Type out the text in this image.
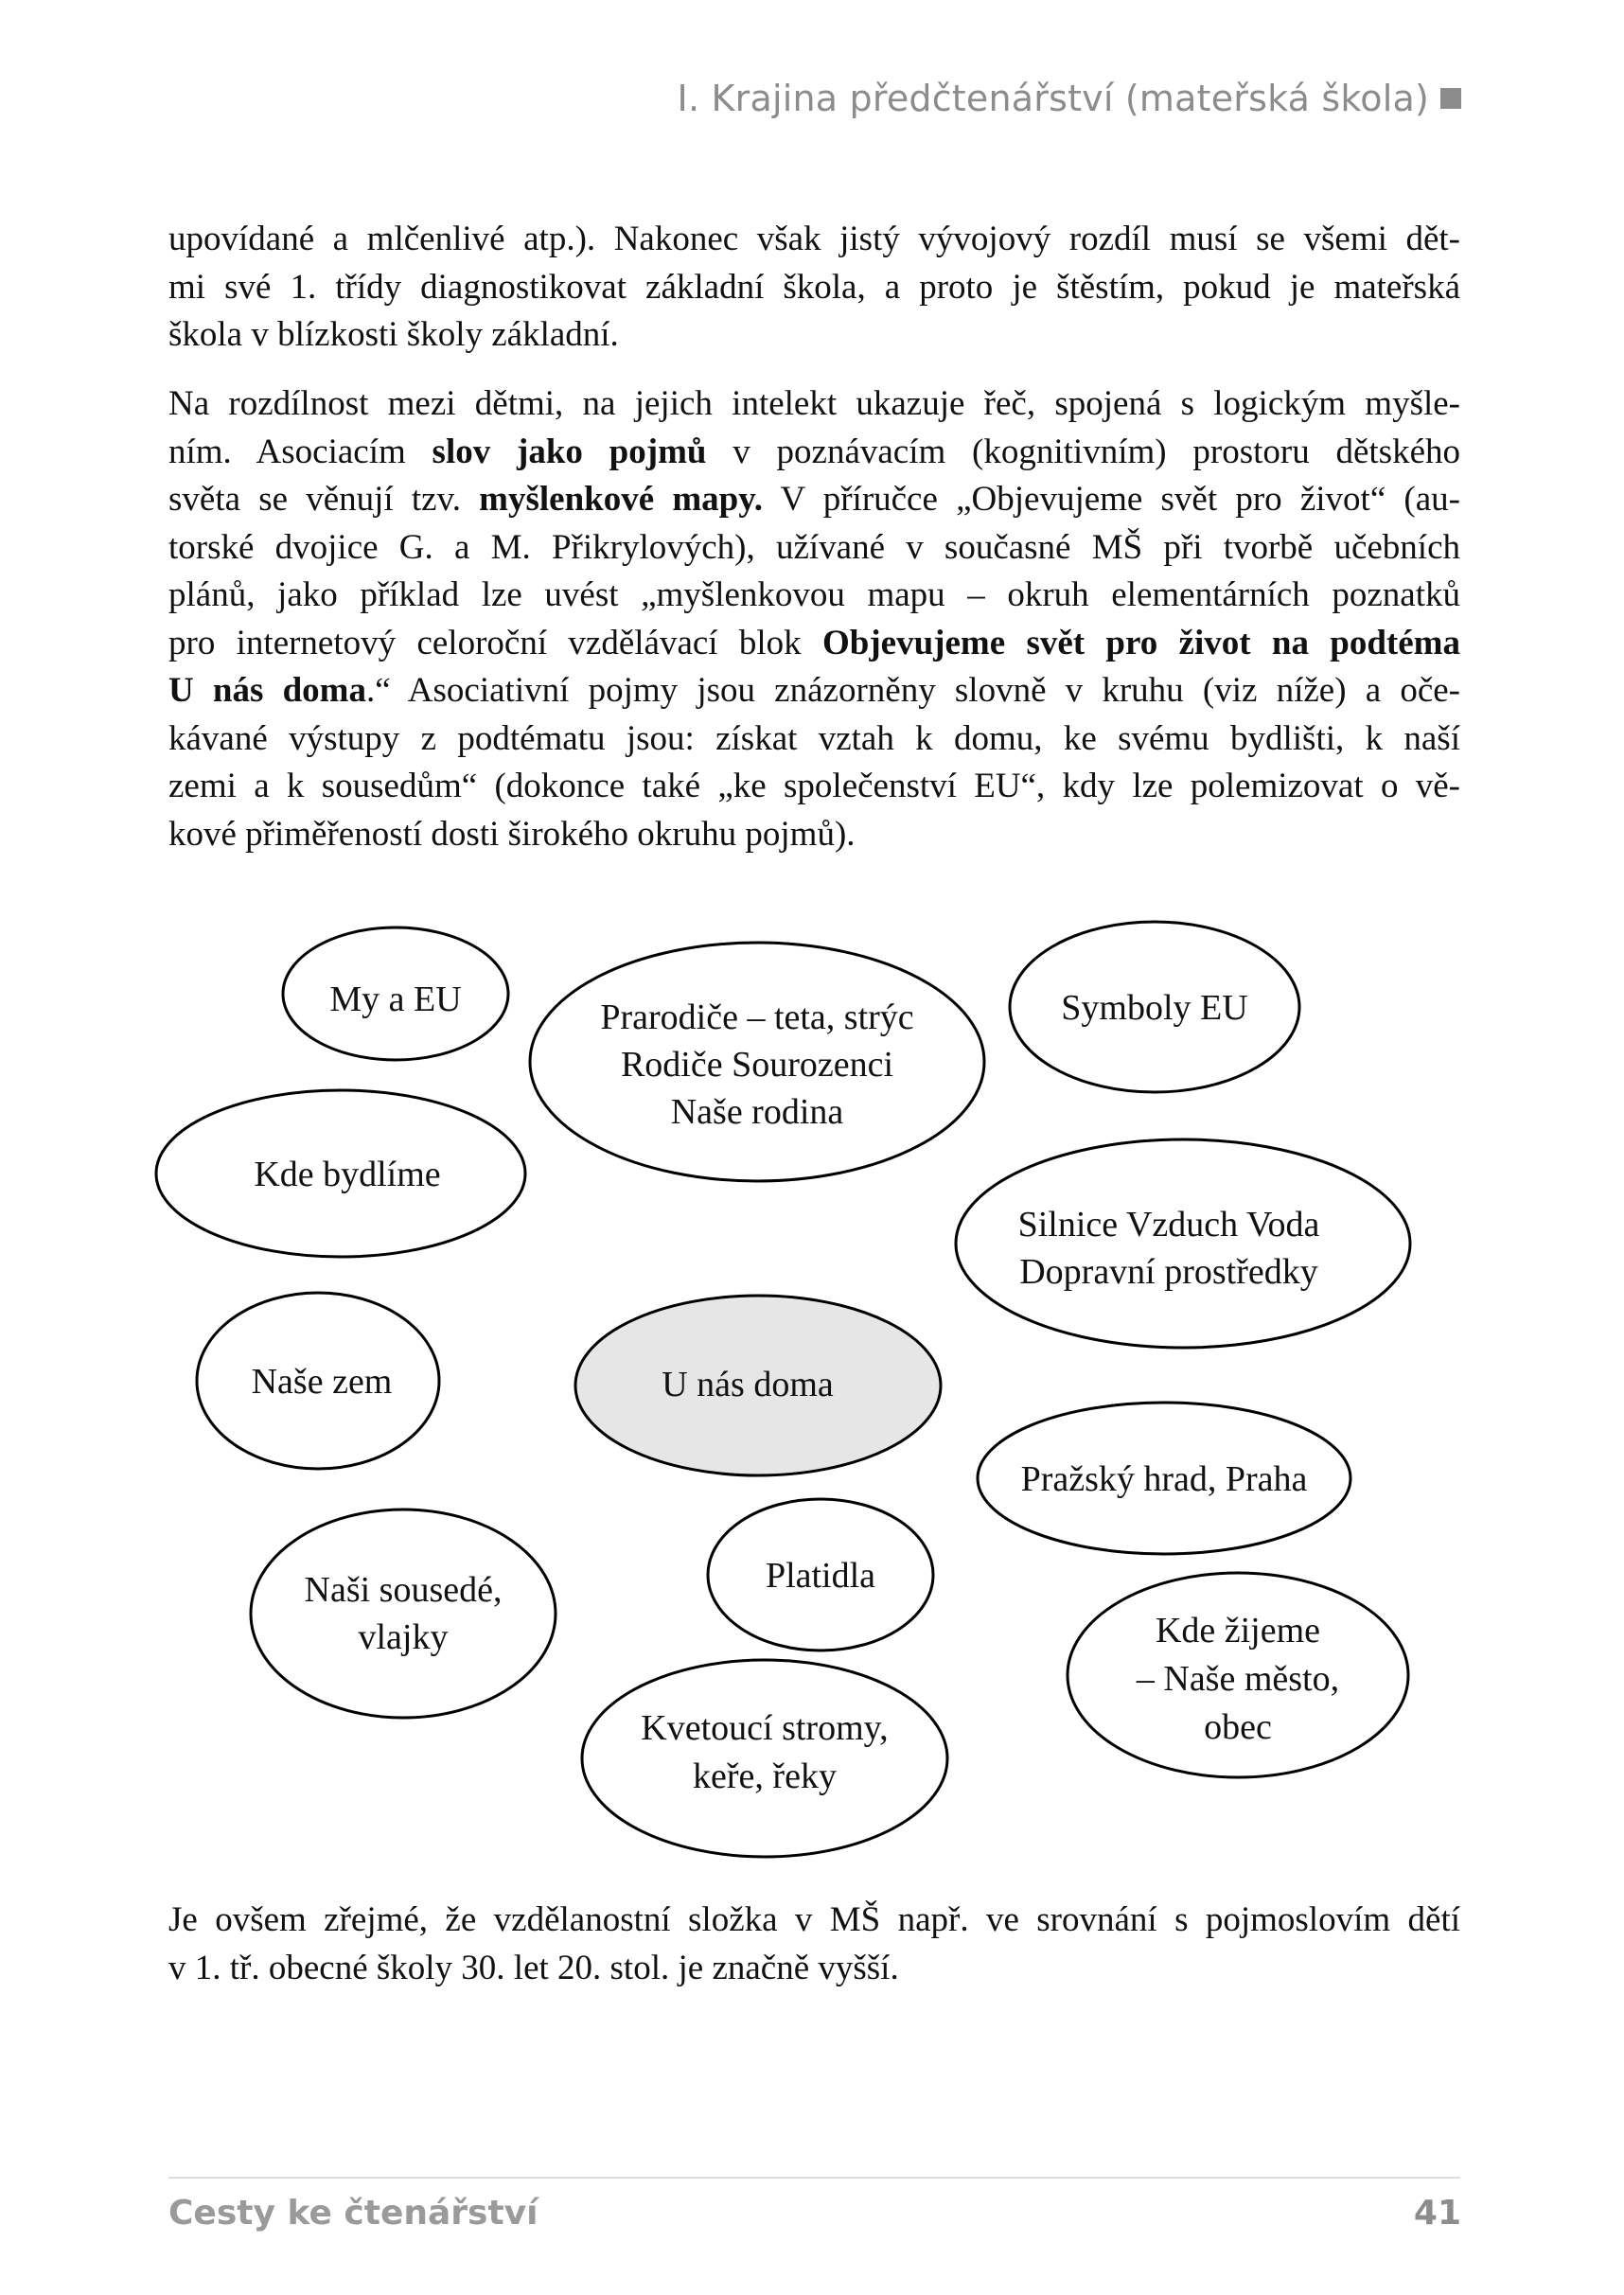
I. Krajina předčtenářství (mateřská škola)

upovídané a mlčenlivé atp.). Nakonec však jistý vývojový rozdíl musí se všemi dět-
mi své 1. třídy diagnostikovat základní škola, a proto je štěstím, pokud je mateřská
škola v blízkosti školy základní.

Na rozdílnost mezi dětmi, na jejich intelekt ukazuje řeč, spojená s logickým myšle-
ním. Asociacím slov jako pojmů v poznávacím (kognitivním) prostoru dětského
světa se věnují tzv. myšlenkové mapy. V příručce „Objevujeme svět pro život“ (au-
torské dvojice G. a M. Přikrylových), užívané v současné MŠ při tvorbě učebních
plánů, jako příklad lze uvést „myšlenkovou mapu – okruh elementárních poznatků
pro internetový celoroční vzdělávací blok Objevujeme svět pro život na podtéma
U nás doma.“ Asociativní pojmy jsou znázorněny slovně v kruhu (viz níže) a oče-
kávané výstupy z podtématu jsou: získat vztah k domu, ke svému bydlišti, k naší
zemi a k sousedům“ (dokonce také „ke společenství EU“, kdy lze polemizovat o vě-
kové přiměřeností dosti širokého okruhu pojmů).

My a EU	Prarodiče – teta, strýc
Rodiče Sourozenci
Naše rodina
Symboly EU
Kde bydlíme
Silnice Vzduch Voda
Dopravní prostředky
Naše zem	U nás doma
Pražský hrad, Praha
Platidla
Naši sousedé,
vlajky	Kde žijeme
– Naše město,
obec
Kvetoucí stromy,
keře, řeky

Je ovšem zřejmé, že vzdělanostní složka v MŠ např. ve srovnání s pojmoslovím dětí
v 1. tř. obecné školy 30. let 20. stol. je značně vyšší.

Cesty ke čtenářství	41
